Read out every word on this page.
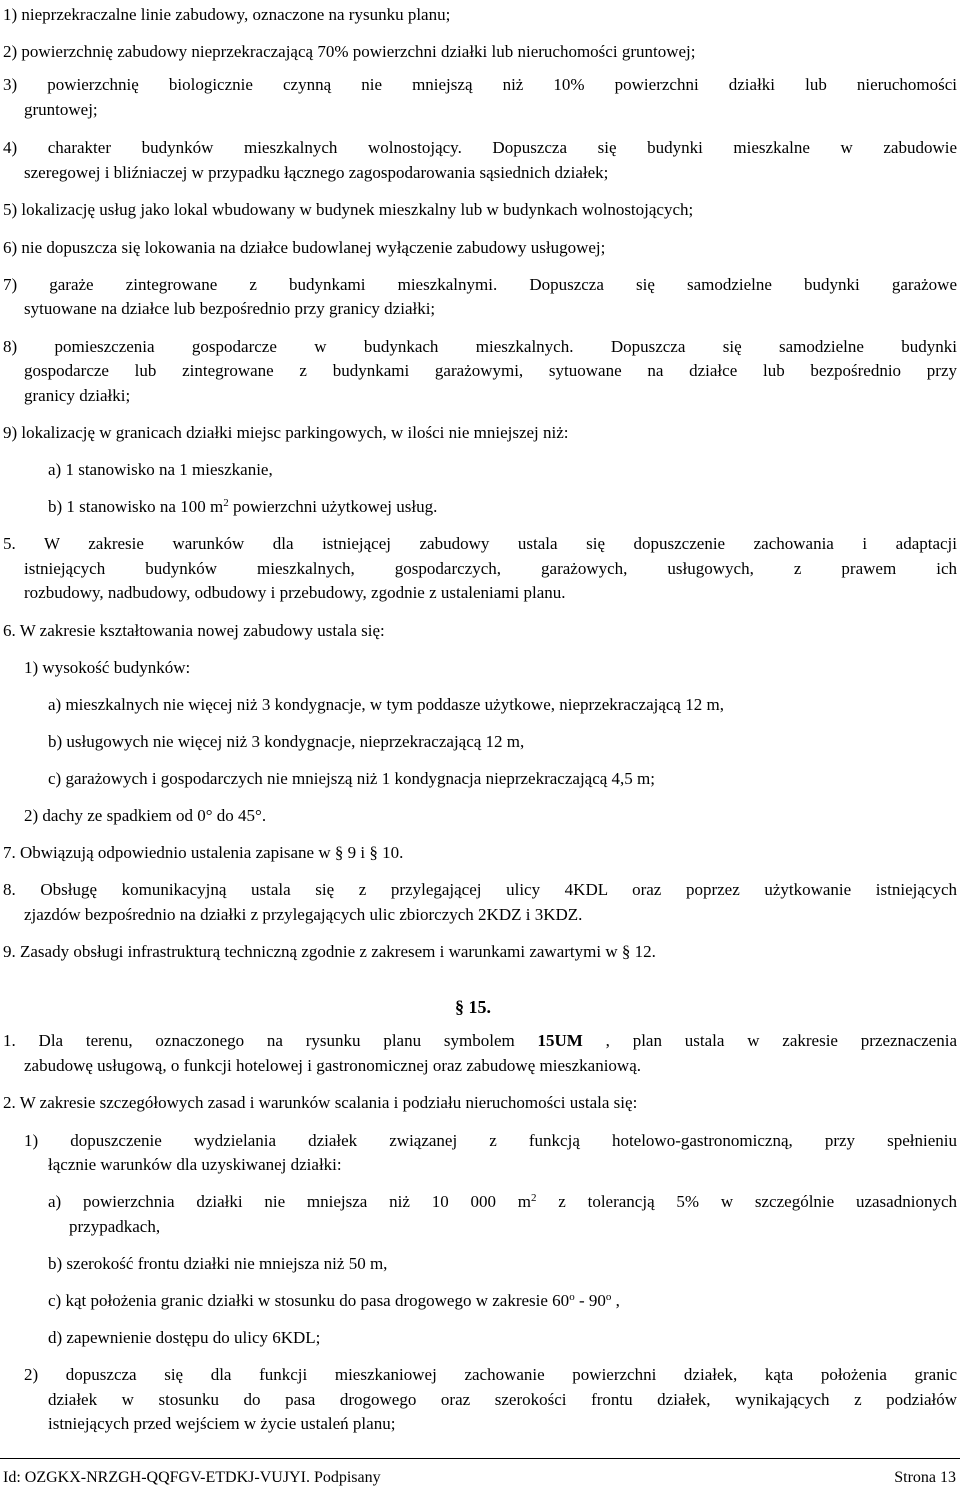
1) nieprzekraczalne linie zabudowy, oznaczone na rysunku planu;
2) powierzchnię zabudowy nieprzekraczającą 70% powierzchni działki lub nieruchomości gruntowej;
3) powierzchnię biologicznie czynną nie mniejszą niż 10% powierzchni działki lub nieruchomości
gruntowej;
4) charakter budynków mieszkalnych wolnostojący. Dopuszcza się budynki mieszkalne w zabudowie
szeregowej i bliźniaczej w przypadku łącznego zagospodarowania sąsiednich działek;
5) lokalizację usług jako lokal wbudowany w budynek mieszkalny lub w budynkach wolnostojących;
6) nie dopuszcza się lokowania na działce budowlanej wyłączenie zabudowy usługowej;
7) garaże zintegrowane z budynkami mieszkalnymi. Dopuszcza się samodzielne budynki garażowe
sytuowane na działce lub bezpośrednio przy granicy działki;
8) pomieszczenia gospodarcze w budynkach mieszkalnych. Dopuszcza się samodzielne budynki
gospodarcze lub zintegrowane z budynkami garażowymi, sytuowane na działce lub bezpośrednio przy
granicy działki;
9) lokalizację w granicach działki miejsc parkingowych, w ilości nie mniejszej niż:
a) 1 stanowisko na 1 mieszkanie,
b) 1 stanowisko na 100 $m^2$ powierzchni użytkowej usług.
5. W zakresie warunków dla istniejącej zabudowy ustala się dopuszczenie zachowania i adaptacji
istniejących budynków mieszkalnych, gospodarczych, garażowych, usługowych, z prawem ich
rozbudowy, nadbudowy, odbudowy i przebudowy, zgodnie z ustaleniami planu.
6. W zakresie kształtowania nowej zabudowy ustala się:
1) wysokość budynków:
a) mieszkalnych nie więcej niż 3 kondygnacje, w tym poddasze użytkowe, nieprzekraczającą 12 m,
b) usługowych nie więcej niż 3 kondygnacje, nieprzekraczającą 12 m,
c) garażowych i gospodarczych nie mniejszą niż 1 kondygnacja nieprzekraczającą 4,5 m;
2) dachy ze spadkiem od 0° do 45°.
7. Obwiązują odpowiednio ustalenia zapisane w § 9 i § 10.
8. Obsługę komunikacyjną ustala się z przylegającej ulicy 4KDL oraz poprzez użytkowanie istniejących
zjazdów bezpośrednio na działki z przylegających ulic zbiorczych 2KDZ i 3KDZ.
9. Zasady obsługi infrastrukturą techniczną zgodnie z zakresem i warunkami zawartymi w § 12.
§ 15.
1. Dla terenu, oznaczonego na rysunku planu symbolem 15UM , plan ustala w zakresie przeznaczenia
zabudowę usługową, o funkcji hotelowej i gastronomicznej oraz zabudowę mieszkaniową.
2. W zakresie szczegółowych zasad i warunków scalania i podziału nieruchomości ustala się:
1) dopuszczenie wydzielania działek związanej z funkcją hotelowo-gastronomiczną, przy spełnieniu
łącznie warunków dla uzyskiwanej działki:
a) powierzchnia działki nie mniejsza niż 10 000 $m^2$ z tolerancją 5% w szczególnie uzasadnionych
przypadkach,
b) szerokość frontu działki nie mniejsza niż 50 m,
c) kąt położenia granic działki w stosunku do pasa drogowego w zakresie 60$^o$ - 90$^o$ ,
d) zapewnienie dostępu do ulicy 6KDL;
2) dopuszcza się dla funkcji mieszkaniowej zachowanie powierzchni działek, kąta położenia granic
działek w stosunku do pasa drogowego oraz szerokości frontu działek, wynikających z podziałów
istniejących przed wejściem w życie ustaleń planu;
Id: OZGKX-NRZGH-QQFGV-ETDKJ-VUJYI. Podpisany	Strona 13
